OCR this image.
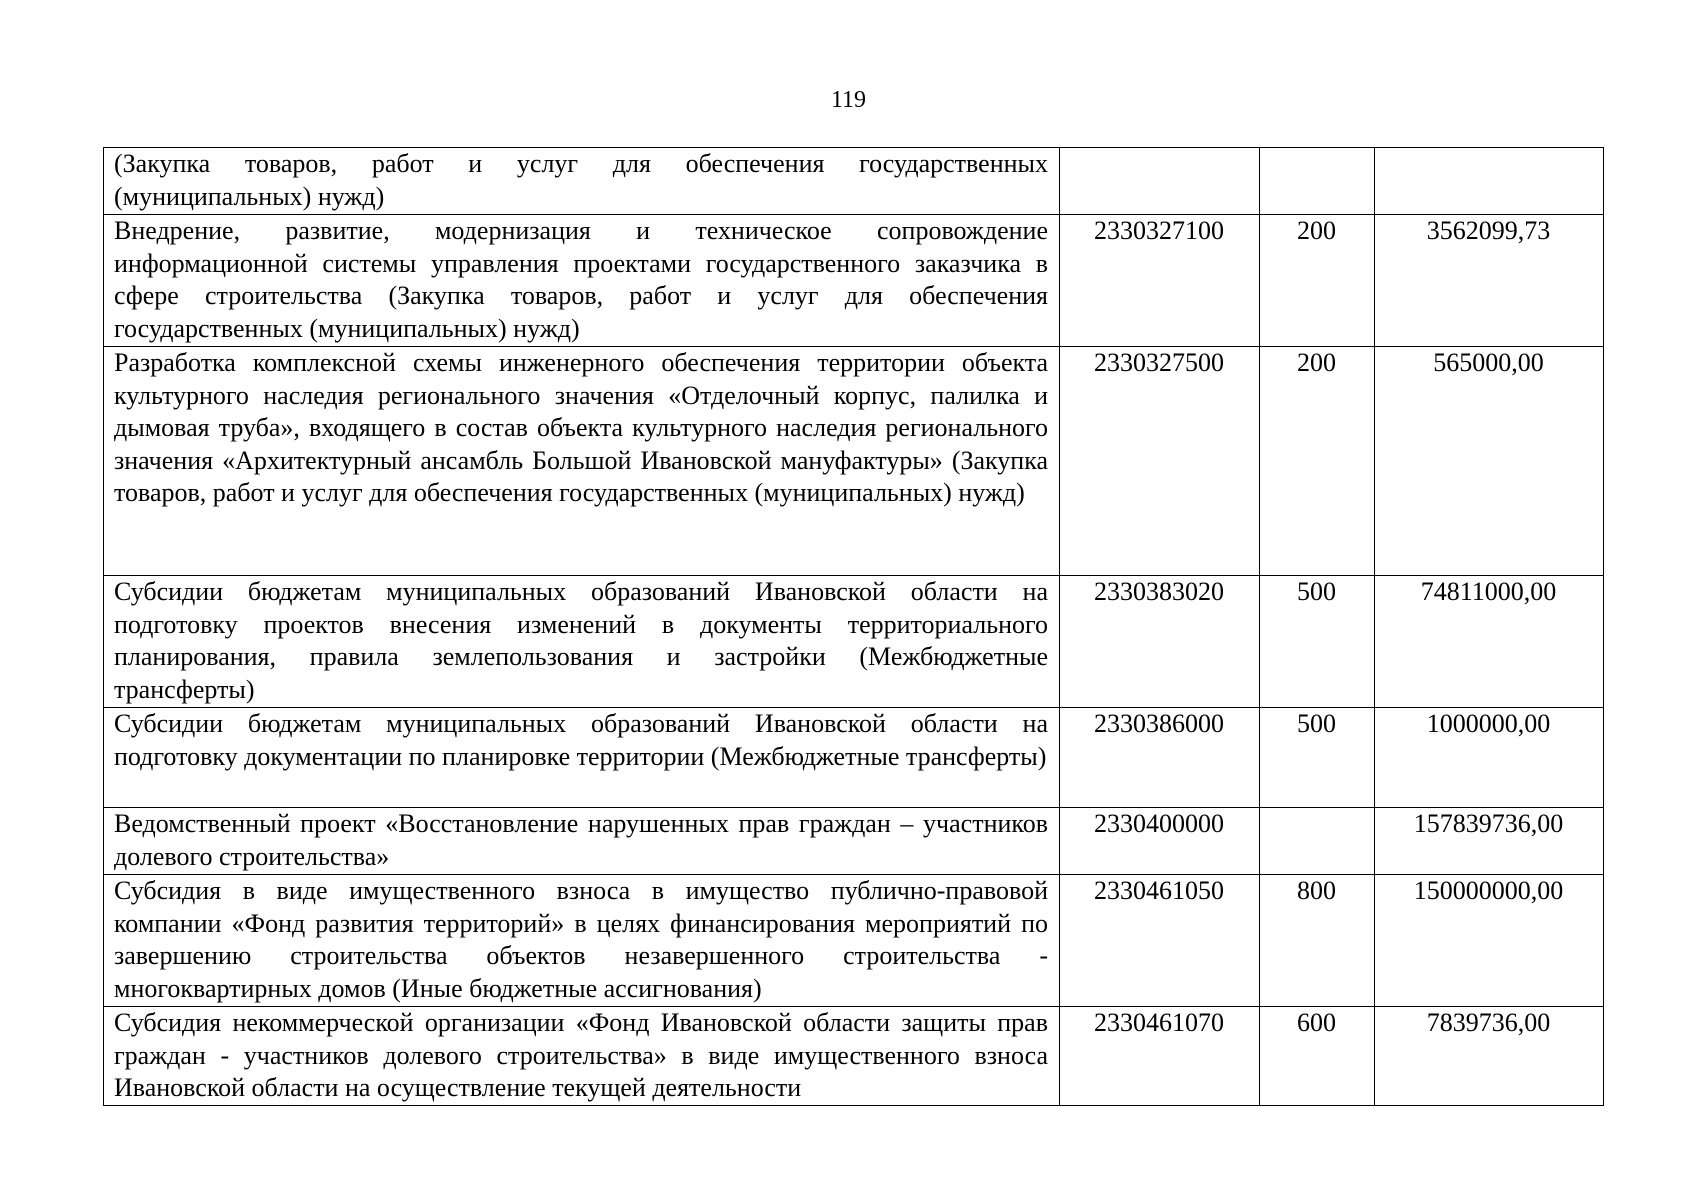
119
(Закупка товаров, работ и услуг для обеспечения государственных (муниципальных) нужд)			
Внедрение, развитие, модернизация и техническое сопровождение информационной системы управления проектами государственного заказчика в сфере строительства (Закупка товаров, работ и услуг для обеспечения государственных (муниципальных) нужд)	2330327100	200	3562099,73
Разработка комплексной схемы инженерного обеспечения территории объекта культурного наследия регионального значения «Отделочный корпус, палилка и дымовая труба», входящего в состав объекта культурного наследия регионального значения «Архитектурный ансамбль Большой Ивановской мануфактуры» (Закупка товаров, работ и услуг для обеспечения государственных (муниципальных) нужд)	2330327500	200	565000,00
Субсидии бюджетам муниципальных образований Ивановской области на подготовку проектов внесения изменений в документы территориального планирования, правила землепользования и застройки (Межбюджетные трансферты)	2330383020	500	74811000,00
Субсидии бюджетам муниципальных образований Ивановской области на подготовку документации по планировке территории (Межбюджетные трансферты)	2330386000	500	1000000,00
Ведомственный проект «Восстановление нарушенных прав граждан – участников долевого строительства»	2330400000		157839736,00
Субсидия в виде имущественного взноса в имущество публично-правовой компании «Фонд развития территорий» в целях финансирования мероприятий по завершению строительства объектов незавершенного строительства - многоквартирных домов (Иные бюджетные ассигнования)	2330461050	800	150000000,00
Субсидия некоммерческой организации «Фонд Ивановской области защиты прав граждан - участников долевого строительства» в виде имущественного взноса Ивановской области на осуществление текущей деятельности	2330461070	600	7839736,00
